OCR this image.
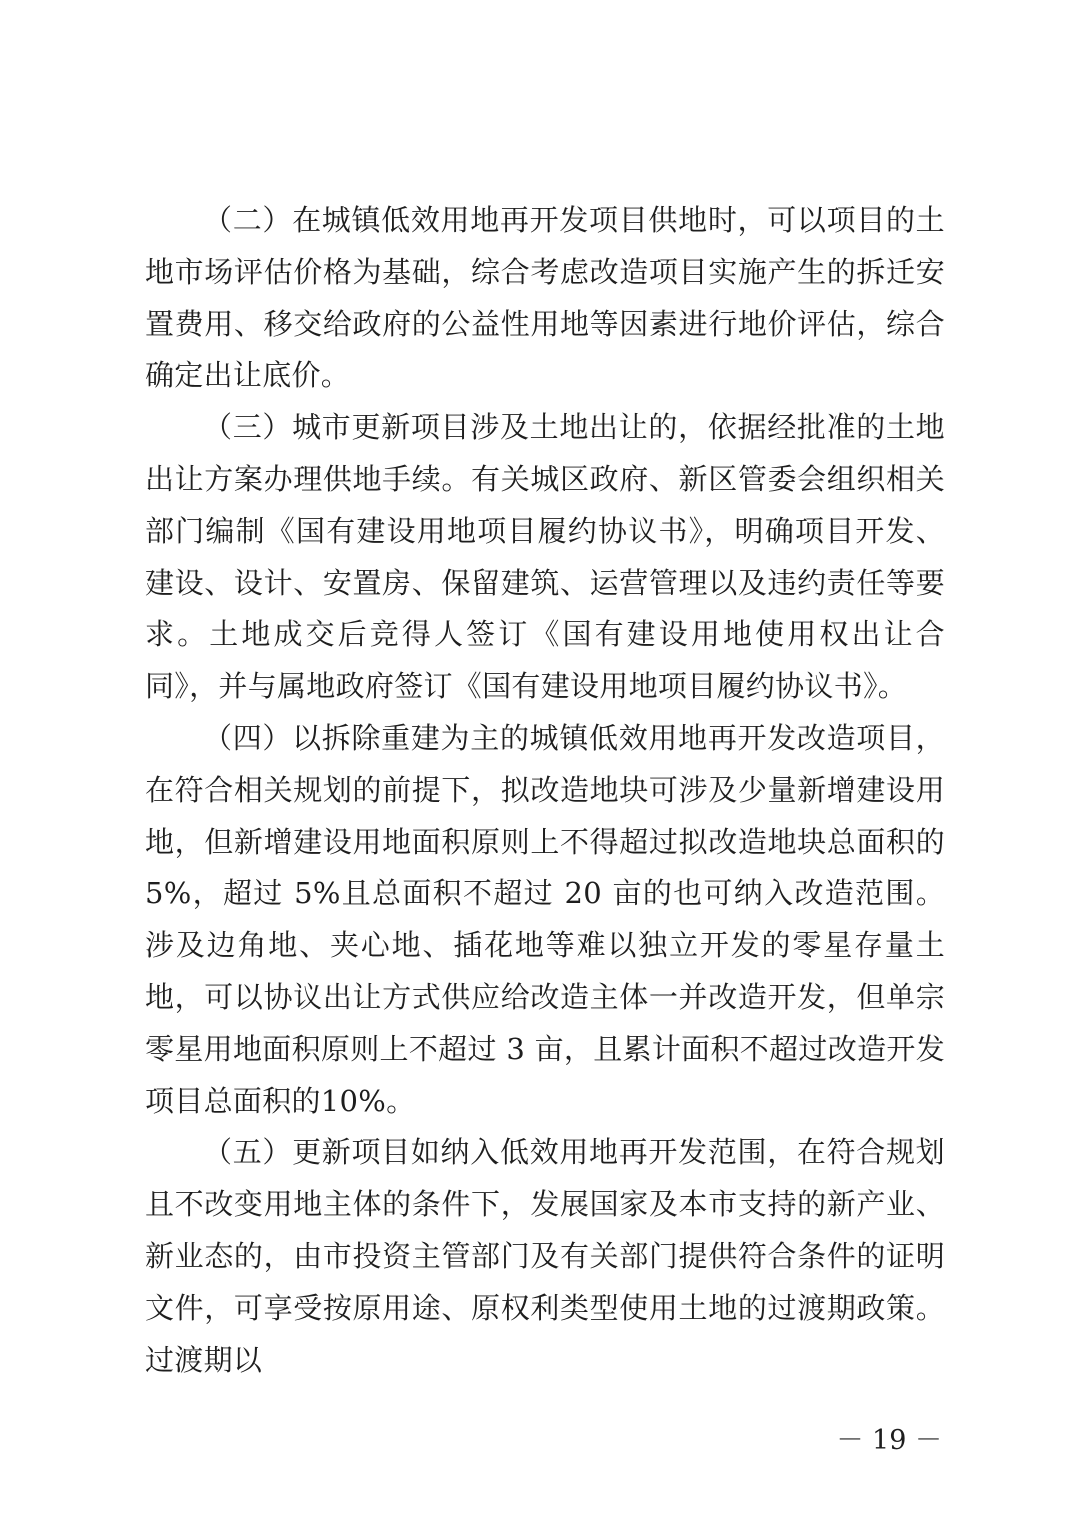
（二）在城镇低效用地再开发项目供地时，可以项目的土地市场评估价格为基础，综合考虑改造项目实施产生的拆迁安置费用、移交给政府的公益性用地等因素进行地价评估，综合确定出让底价。

（三）城市更新项目涉及土地出让的，依据经批准的土地出让方案办理供地手续。有关城区政府、新区管委会组织相关部门编制《国有建设用地项目履约协议书》，明确项目开发、建设、设计、安置房、保留建筑、运营管理以及违约责任等要求。土地成交后竞得人签订《国有建设用地使用权出让合同》，并与属地政府签订《国有建设用地项目履约协议书》。

（四）以拆除重建为主的城镇低效用地再开发改造项目，在符合相关规划的前提下，拟改造地块可涉及少量新增建设用地，但新增建设用地面积原则上不得超过拟改造地块总面积的 5%，超过 5%且总面积不超过 20 亩的也可纳入改造范围。涉及边角地、夹心地、插花地等难以独立开发的零星存量土地，可以协议出让方式供应给改造主体一并改造开发，但单宗零星用地面积原则上不超过 3 亩，且累计面积不超过改造开发项目总面积的10%。

（五）更新项目如纳入低效用地再开发范围，在符合规划且不改变用地主体的条件下，发展国家及本市支持的新产业、新业态的，由市投资主管部门及有关部门提供符合条件的证明文件，可享受按原用途、原权利类型使用土地的过渡期政策。过渡期以

－ 19 －
